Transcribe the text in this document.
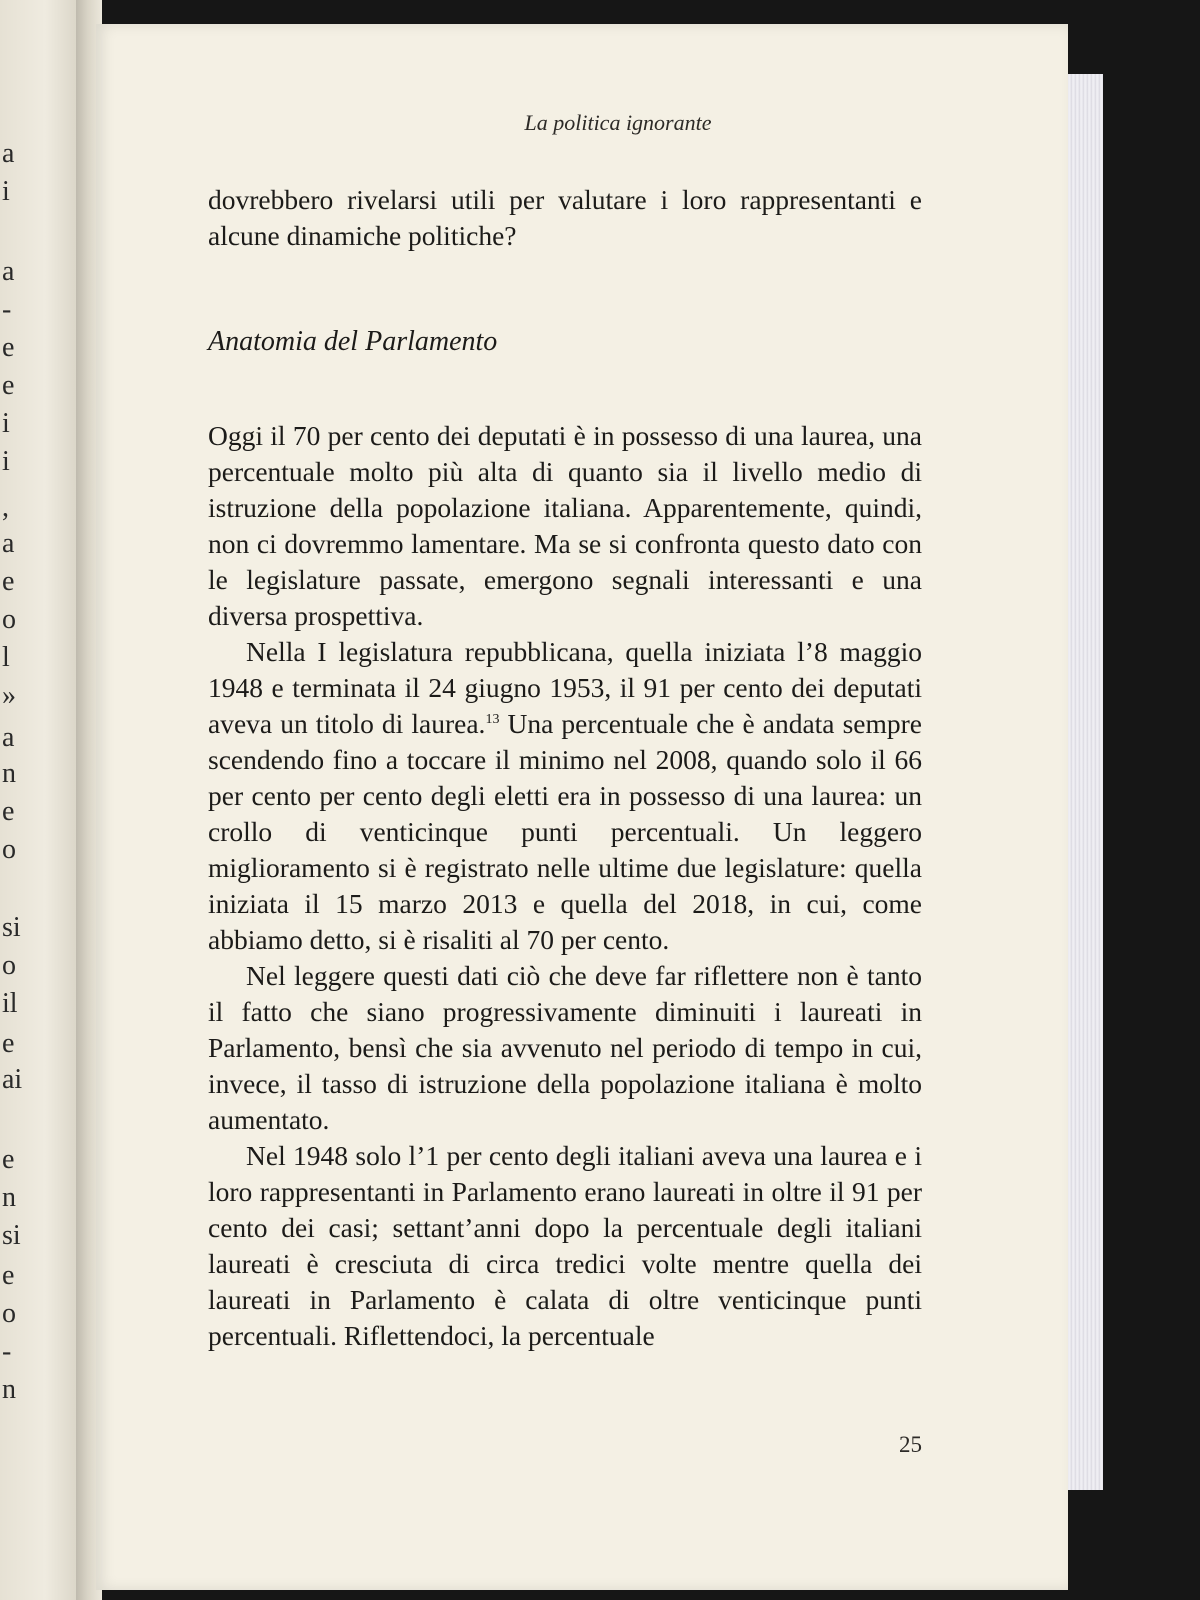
a
i
a
-
e
e
i
i
,
a
e
o
l
»
a
n
e
o
si
o
il
e
ai
e
n
si
e
o
-
n
La politica ignorante

dovrebbero rivelarsi utili per valutare i loro rappresentanti e alcune dinamiche politiche?

Anatomia del Parlamento

Oggi il 70 per cento dei deputati è in possesso di una laurea, una percentuale molto più alta di quanto sia il livello medio di istruzione della popolazione italiana. Apparentemente, quindi, non ci dovremmo lamentare. Ma se si confronta questo dato con le legislature passate, emergono segnali interessanti e una diversa prospettiva.

Nella I legislatura repubblicana, quella iniziata l’8 maggio 1948 e terminata il 24 giugno 1953, il 91 per cento dei deputati aveva un titolo di laurea.$^{13}$ Una percentuale che è andata sempre scendendo fino a toccare il minimo nel 2008, quando solo il 66 per cento per cento degli eletti era in possesso di una laurea: un crollo di venticinque punti percentuali. Un leggero miglioramento si è registrato nelle ultime due legislature: quella iniziata il 15 marzo 2013 e quella del 2018, in cui, come abbiamo detto, si è risaliti al 70 per cento.

Nel leggere questi dati ciò che deve far riflettere non è tanto il fatto che siano progressivamente diminuiti i laureati in Parlamento, bensì che sia avvenuto nel periodo di tempo in cui, invece, il tasso di istruzione della popolazione italiana è molto aumentato.

Nel 1948 solo l’1 per cento degli italiani aveva una laurea e i loro rappresentanti in Parlamento erano laureati in oltre il 91 per cento dei casi; settant’anni dopo la percentuale degli italiani laureati è cresciuta di circa tredici volte mentre quella dei laureati in Parlamento è calata di oltre venticinque punti percentuali. Riflettendoci, la percentuale

25
